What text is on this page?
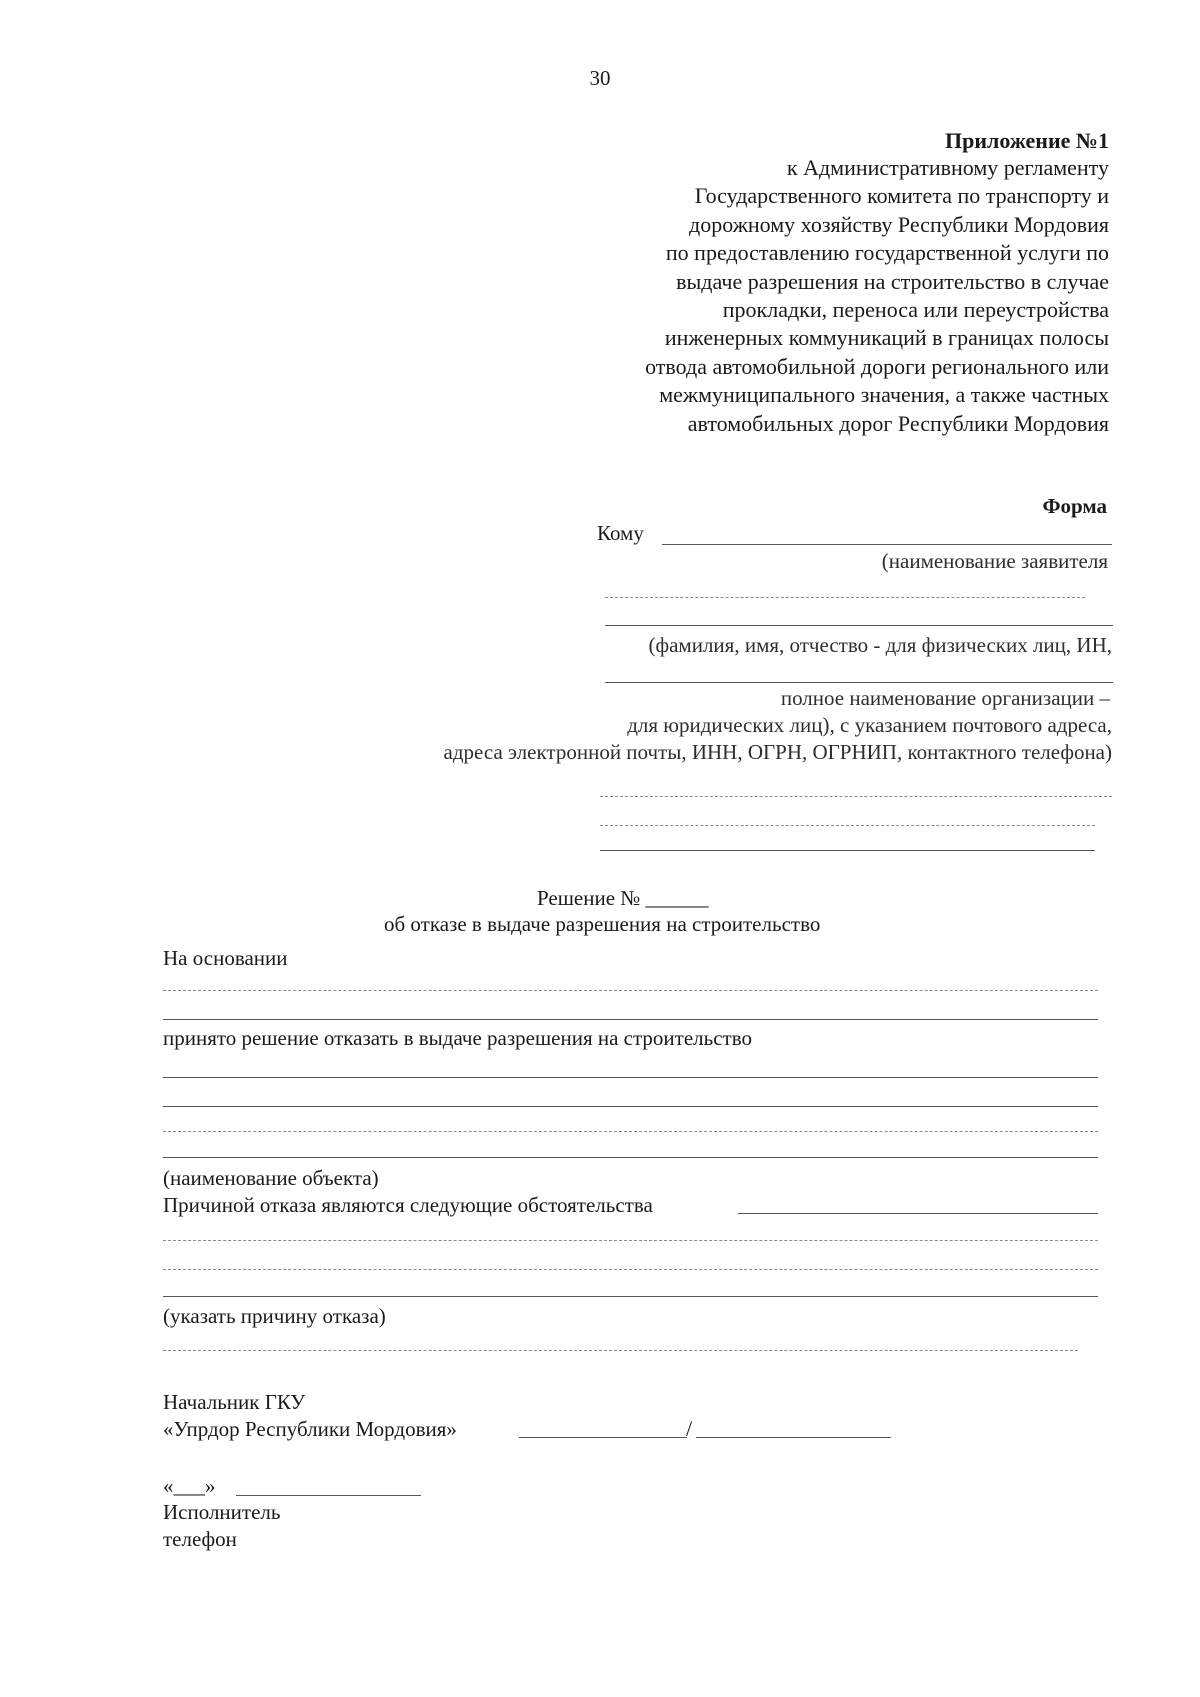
30
Приложение №1
к Административному регламенту
Государственного комитета по транспорту и
дорожному хозяйству Республики Мордовия
по предоставлению государственной услуги по
выдаче разрешения на строительство в случае
прокладки, переноса или переустройства
инженерных коммуникаций в границах полосы
отвода автомобильной дороги регионального или
межмуниципального значения, а также частных
автомобильных дорог Республики Мордовия
Форма
Кому
(наименование заявителя
(фамилия, имя, отчество - для физических лиц, ИН,
полное наименование организации –
для юридических лиц), с указанием почтового адреса,
адреса электронной почты, ИНН, ОГРН, ОГРНИП, контактного телефона)
Решение № ______
об отказе в выдаче разрешения на строительство
На основании
принято решение отказать в выдаче разрешения на строительство
(наименование объекта)
Причиной отказа являются следующие обстоятельства
(указать причину отказа)
Начальник ГКУ
«Упрдор Республики Мордовия»	/
«___»
Исполнитель
телефон
